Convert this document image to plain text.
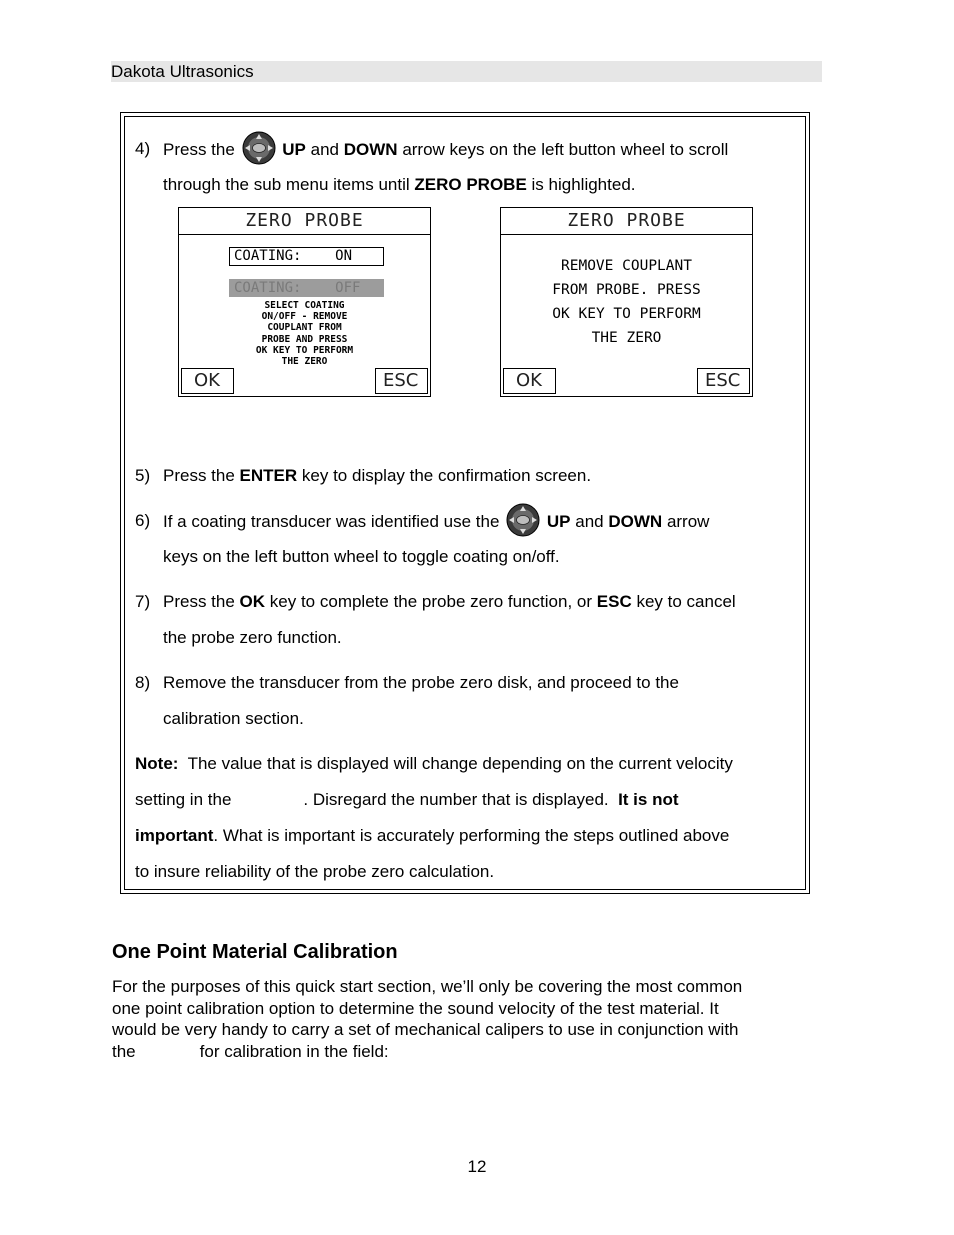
Dakota Ultrasonics
4) Press the	UP and DOWN arrow keys on the left button wheel to scroll
through the sub menu items until ZERO PROBE is highlighted.
ZERO PROBE
COATING:    ON
COATING:    OFF
SELECT COATING
ON/OFF - REMOVE
COUPLANT FROM
PROBE AND PRESS
OK KEY TO PERFORM
THE ZERO
OK	ESC
ZERO PROBE
REMOVE COUPLANT
FROM PROBE. PRESS
OK KEY TO PERFORM
THE ZERO
OK	ESC
5) Press the ENTER key to display the confirmation screen.
6) If a coating transducer was identified use the	UP and DOWN arrow
keys on the left button wheel to toggle coating on/off.
7) Press the OK key to complete the probe zero function, or ESC key to cancel
the probe zero function.
8) Remove the transducer from the probe zero disk, and proceed to the
calibration section.
Note: The value that is displayed will change depending on the current velocity
setting in the	. Disregard the number that is displayed. It is not
important. What is important is accurately performing the steps outlined above
to insure reliability of the probe zero calculation.
One Point Material Calibration
For the purposes of this quick start section, we’ll only be covering the most common
one point calibration option to determine the sound velocity of the test material. It
would be very handy to carry a set of mechanical calipers to use in conjunction with
the	for calibration in the field:
12
